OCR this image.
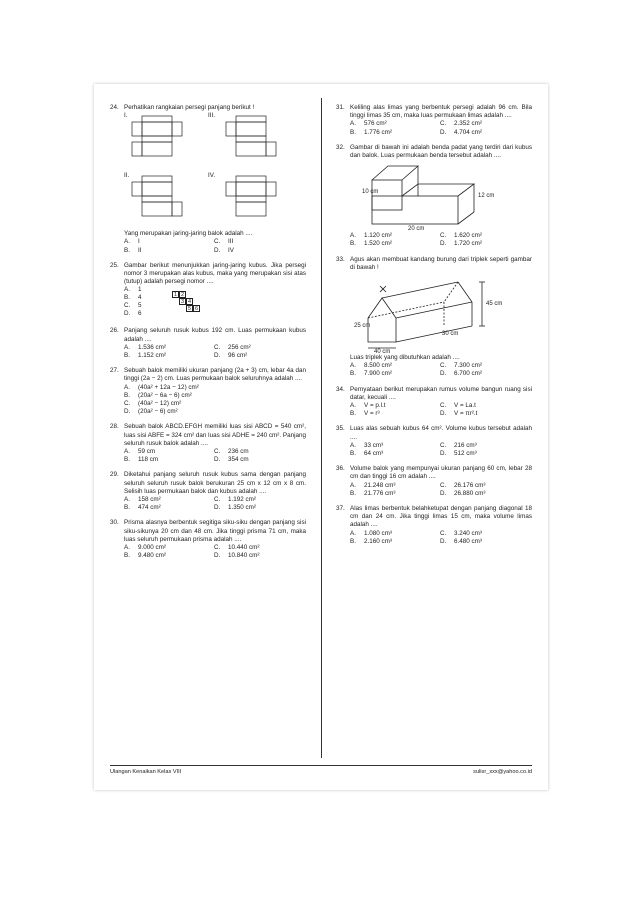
24. Perhatikan rangkaian persegi panjang berikut !
I.	III.
II.	IV.
Yang merupakan jaring-jaring balok adalah ....
A. I	C. III
B. II	D. IV
25. Gambar berikut menunjukkan jaring-jaring kubus. Jika persegi nomor 3 merupakan alas kubus, maka yang merupakan sisi atas (tutup) adalah persegi nomor ....
A. 1
B. 4
C. 5
D. 6
1 2
3 4
5 6
26. Panjang seluruh rusuk kubus 192 cm. Luas permukaan kubus adalah ....
A. 1.536 cm²	C. 256 cm²
B. 1.152 cm²	D. 96 cm²
27. Sebuah balok memiliki ukuran panjang (2a + 3) cm, lebar 4a dan tinggi (2a − 2) cm. Luas permukaan balok seluruhnya adalah ....
A. (40a² + 12a − 12) cm²
B. (20a² − 6a − 6) cm²
C. (40a² − 12) cm²
D. (20a² − 6) cm²
28. Sebuah balok ABCD.EFGH memiliki luas sisi ABCD = 540 cm², luas sisi ABFE = 324 cm² dan luas sisi ADHE = 240 cm². Panjang seluruh rusuk balok adalah ....
A. 59 cm	C. 236 cm
B. 118 cm	D. 354 cm
29. Diketahui panjang seluruh rusuk kubus sama dengan panjang seluruh seluruh rusuk balok berukuran 25 cm x 12 cm x 8 cm. Selisih luas permukaan balok dan kubus adalah ....
A. 158 cm²	C. 1.192 cm²
B. 474 cm²	D. 1.350 cm²
30. Prisma alasnya berbentuk segitiga siku-siku dengan panjang sisi siku-sikunya 20 cm dan 48 cm. Jika tinggi prisma 71 cm, maka luas seluruh permukaan prisma adalah ....
A. 9.000 cm²	C. 10.440 cm²
B. 9.480 cm²	D. 10.840 cm²
31. Keliling alas limas yang berbentuk persegi adalah 96 cm. Bila tinggi limas 35 cm, maka luas permukaan limas adalah ....
A. 576 cm²	C. 2.352 cm²
B. 1.776 cm²	D. 4.704 cm²
32. Gambar di bawah ini adalah benda padat yang terdiri dari kubus dan balok. Luas permukaan benda tersebut adalah ....
10 cm
12 cm
20 cm
A. 1.120 cm²	C. 1.620 cm²
B. 1.520 cm²	D. 1.720 cm²
33. Agus akan membuat kandang burung dari triplek seperti gambar di bawah !
45 cm
25 cm
30 cm
40 cm
Luas triplek yang dibutuhkan adalah ....
A. 8.500 cm²	C. 7.300 cm²
B. 7.900 cm²	D. 6.700 cm²
34. Pernyataan berikut merupakan rumus volume bangun ruang sisi datar, kecuali ....
A. V = p.l.t	C. V = La.t
B. V = r³	D. V = πr².t
35. Luas alas sebuah kubus 64 cm². Volume kubus tersebut adalah ....
A. 33 cm³	C. 216 cm³
B. 64 cm³	D. 512 cm³
36. Volume balok yang mempunyai ukuran panjang 60 cm, lebar 28 cm dan tinggi 16 cm adalah ....
A. 21.248 cm³	C. 26.176 cm³
B. 21.776 cm³	D. 26.880 cm³
37. Alas limas berbentuk belahketupat dengan panjang diagonal 18 cm dan 24 cm. Jika tinggi limas 15 cm, maka volume limas adalah ....
A. 1.080 cm³	C. 3.240 cm³
B. 2.160 cm³	D. 6.480 cm³
Ulangan Kenaikan Kelas VIII	sulisr_xxx@yahoo.co.id
